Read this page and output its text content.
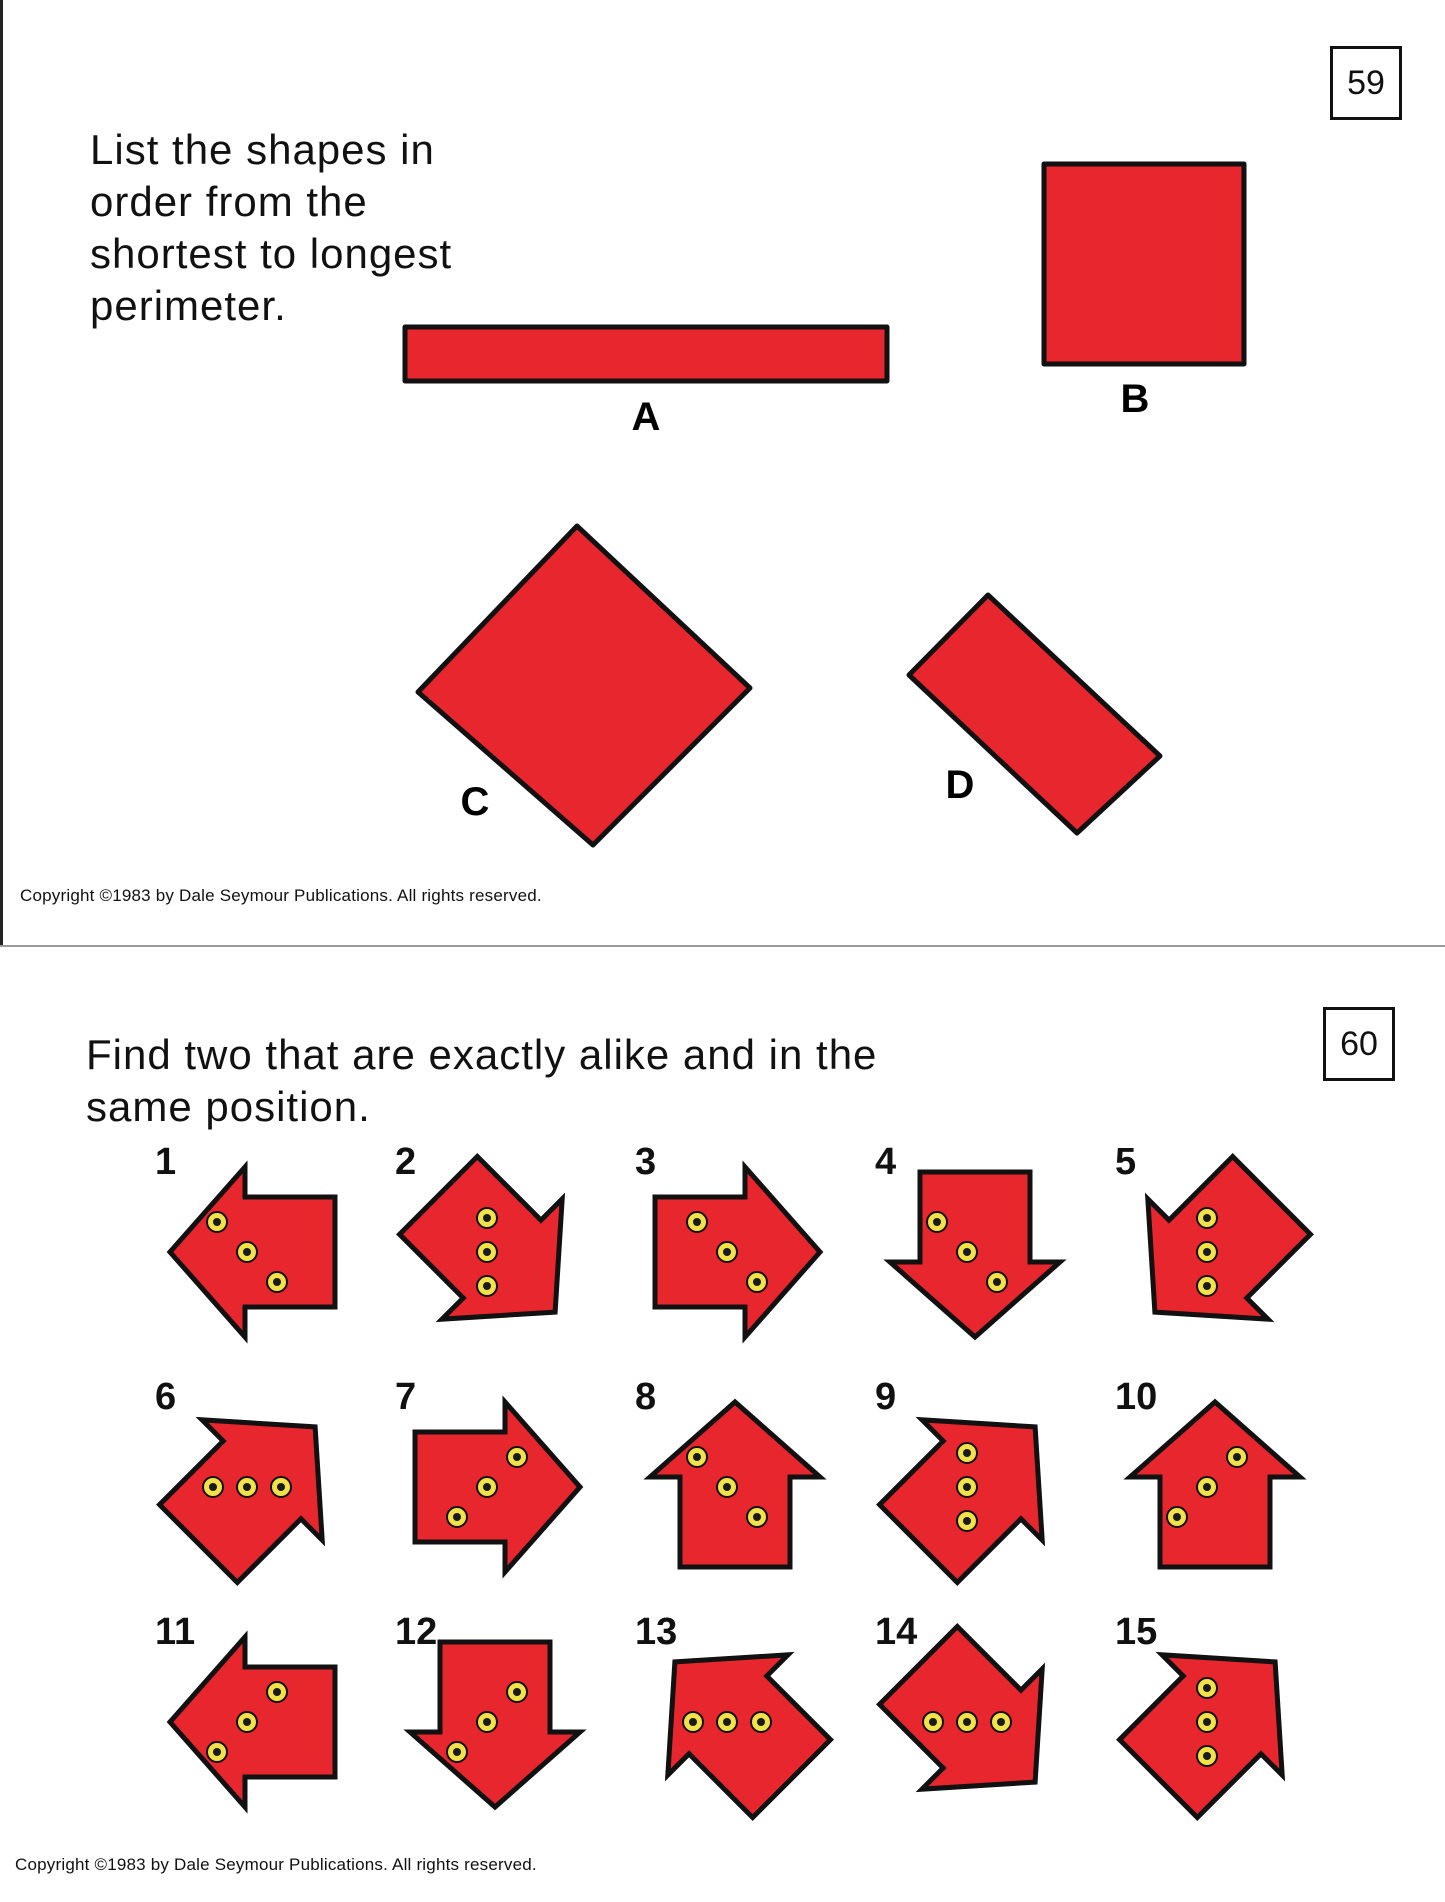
59
List the shapes in
order from the
shortest to longest
perimeter.
A	B
C	D
Copyright ©1983 by Dale Seymour Publications. All rights reserved.
60
Find two that are exactly alike and in the
same position.
1	2	3	4	5
6	7	8	9	10
11	12	13	14	15
Copyright ©1983 by Dale Seymour Publications. All rights reserved.
